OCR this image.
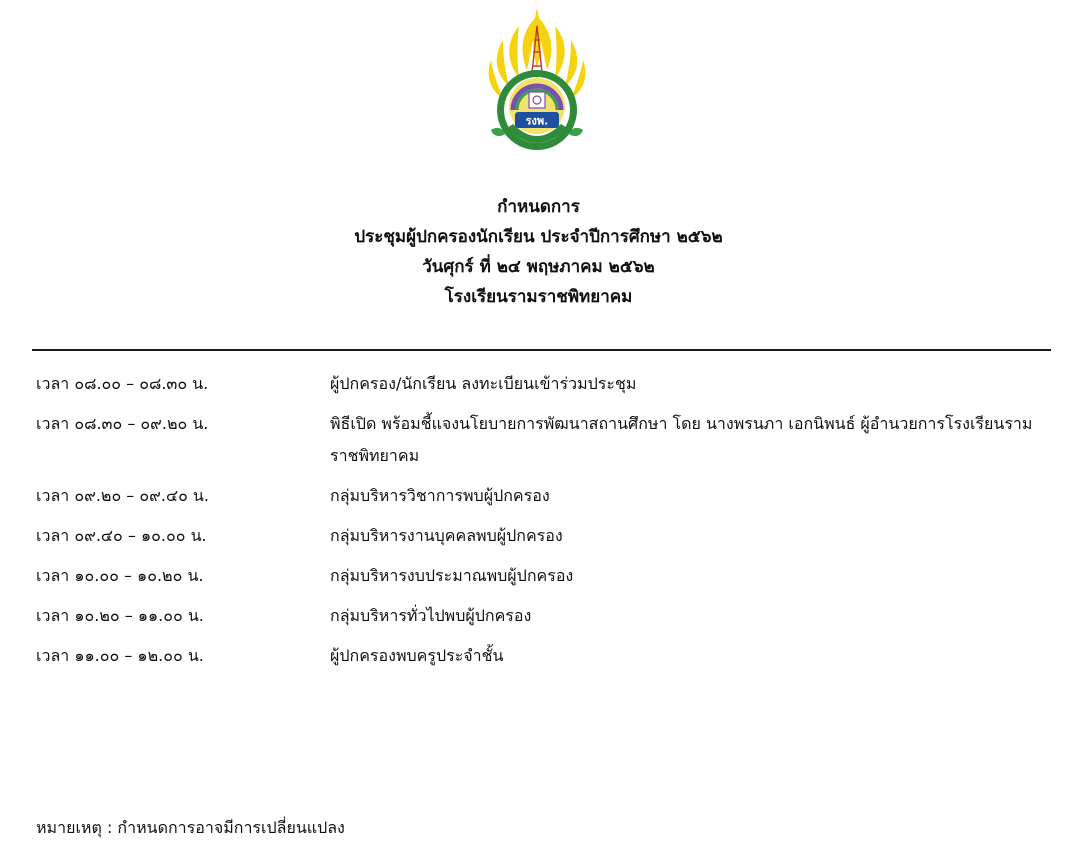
รงพ.
กำหนดการ
ประชุมผู้ปกครองนักเรียน ประจำปีการศึกษา ๒๕๖๒
วันศุกร์ ที่ ๒๔ พฤษภาคม ๒๕๖๒
โรงเรียนรามราชพิทยาคม
เวลา ๐๘.๐๐ – ๐๘.๓๐ น.	ผู้ปกครอง/นักเรียน ลงทะเบียนเข้าร่วมประชุม
เวลา ๐๘.๓๐ – ๐๙.๒๐ น.	พิธีเปิด พร้อมชี้แจงนโยบายการพัฒนาสถานศึกษา โดย นางพรนภา เอกนิพนธ์ ผู้อำนวยการโรงเรียนรามราชพิทยาคม
เวลา ๐๙.๒๐ – ๐๙.๔๐ น.	กลุ่มบริหารวิชาการพบผู้ปกครอง
เวลา ๐๙.๔๐ – ๑๐.๐๐ น.	กลุ่มบริหารงานบุคคลพบผู้ปกครอง
เวลา ๑๐.๐๐ – ๑๐.๒๐ น.	กลุ่มบริหารงบประมาณพบผู้ปกครอง
เวลา ๑๐.๒๐ – ๑๑.๐๐ น.	กลุ่มบริหารทั่วไปพบผู้ปกครอง
เวลา ๑๑.๐๐ – ๑๒.๐๐ น.	ผู้ปกครองพบครูประจำชั้น
หมายเหตุ : กำหนดการอาจมีการเปลี่ยนแปลง
